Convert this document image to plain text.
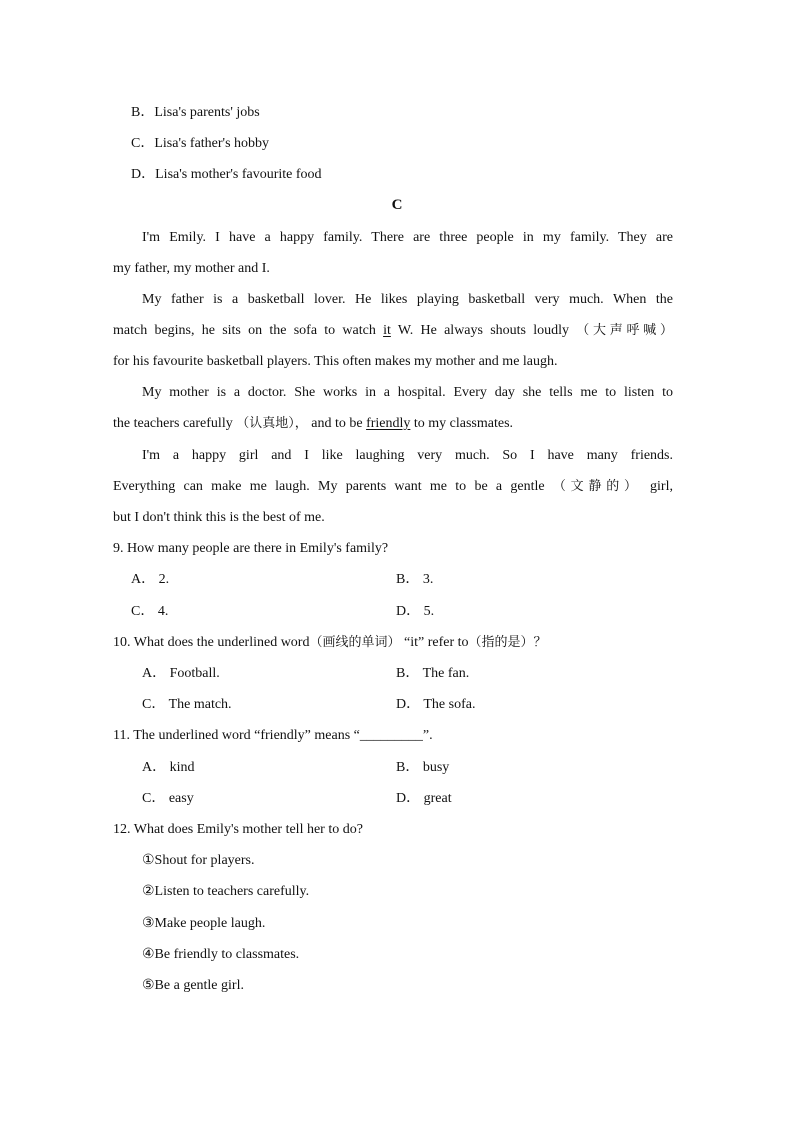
B．Lisa's parents' jobs
C．Lisa's father's hobby
D．Lisa's mother's favourite food
C
I'm Emily. I have a happy family. There are three people in my family. They are
my father, my mother and I.
My father is a basketball lover. He likes playing basketball very much. When the
match begins, he sits on the sofa to watch it W. He always shouts loudly （大声呼喊）
for his favourite basketball players. This often makes my mother and me laugh.
My mother is a doctor. She works in a hospital. Every day she tells me to listen to
the teachers carefully （认真地）， and to be friendly to my classmates.
I'm a happy girl and I like laughing very much. So I have many friends.
Everything can make me laugh. My parents want me to be a gentle （文静的） girl,
but I don't think this is the best of me.
9. How many people are there in Emily's family?
A． 2.	B． 3.
C． 4.	D． 5.
10. What does the underlined word（画线的单词） “it” refer to（指的是）？
A． Football.	B． The fan.
C． The match.	D． The sofa.
11. The underlined word “friendly” means “_________”.
A． kind	B． busy
C． easy	D． great
12. What does Emily's mother tell her to do?
①Shout for players.
②Listen to teachers carefully.
③Make people laugh.
④Be friendly to classmates.
⑤Be a gentle girl.
